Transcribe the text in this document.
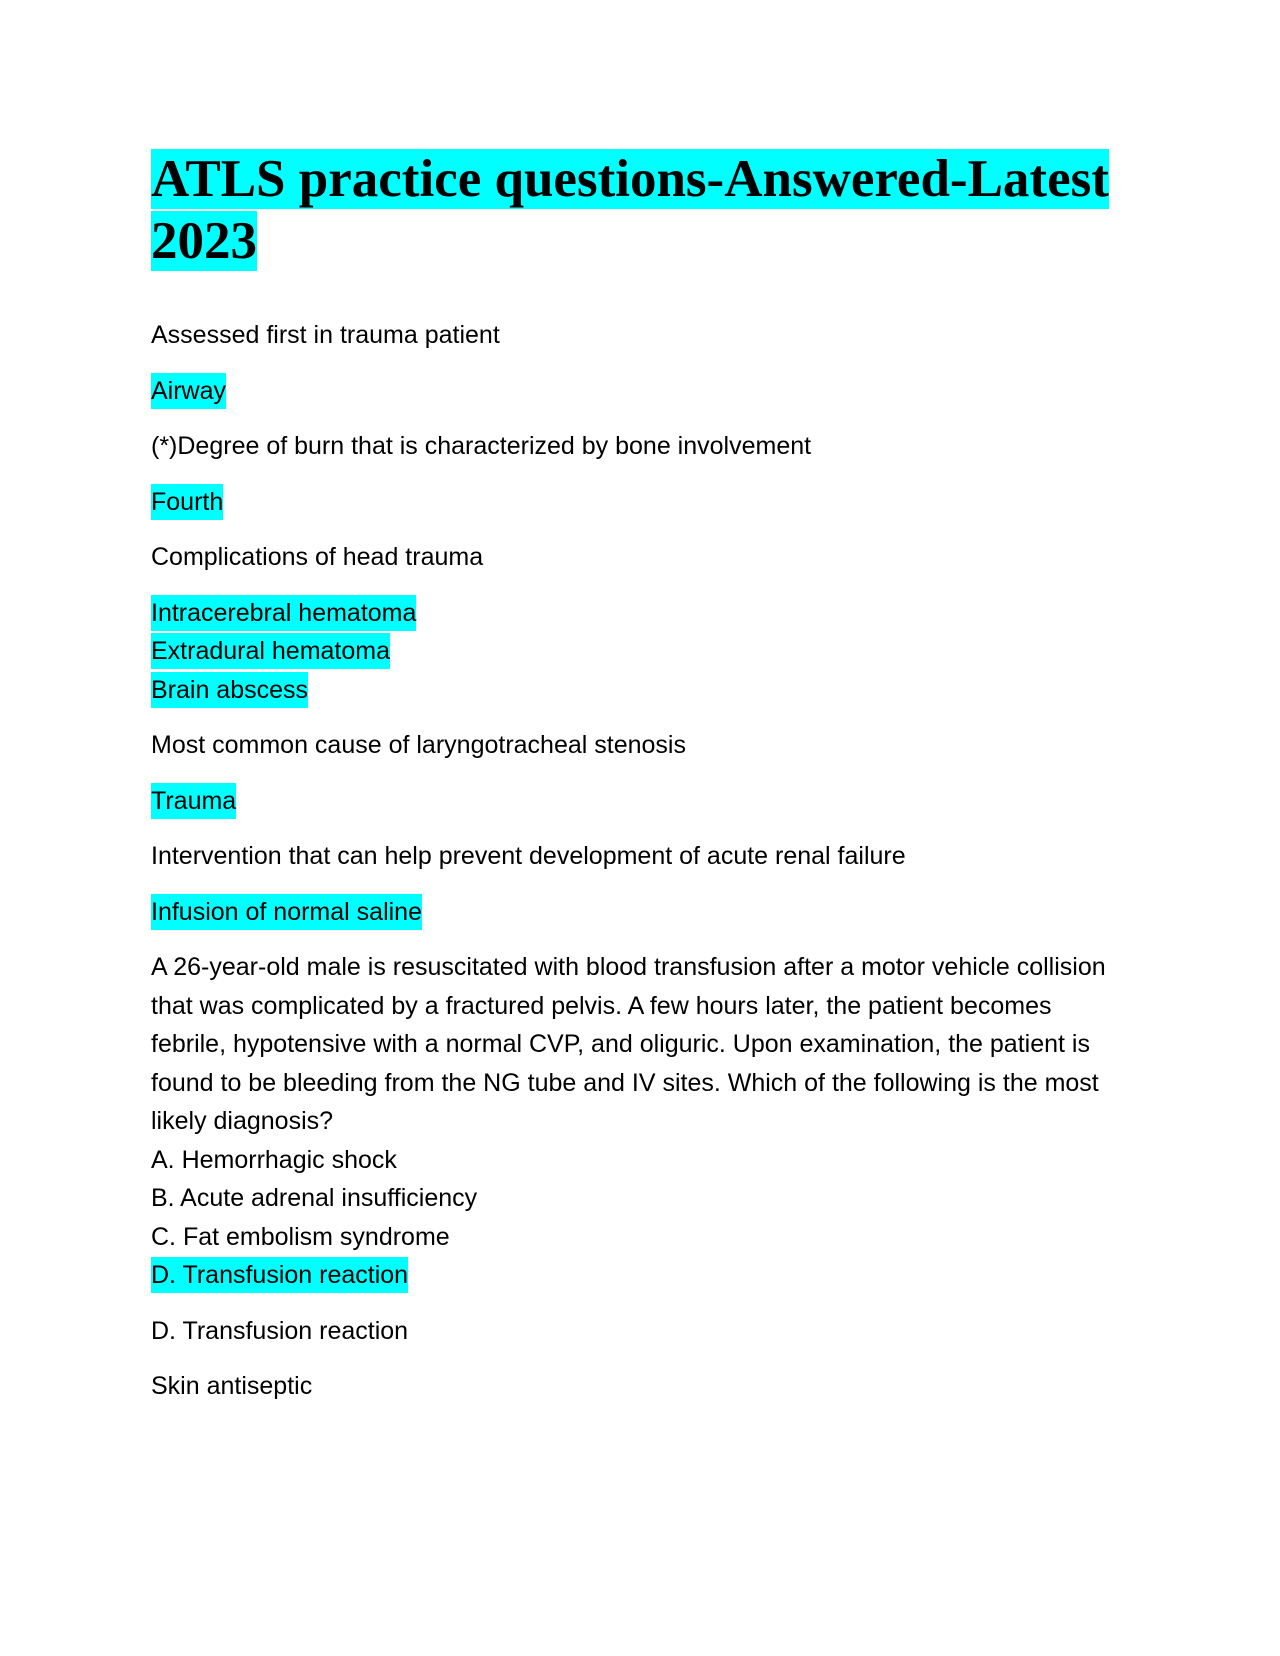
ATLS practice questions-Answered-Latest 2023

Assessed first in trauma patient

Airway

(*)Degree of burn that is characterized by bone involvement

Fourth

Complications of head trauma

Intracerebral hematoma
Extradural hematoma
Brain abscess

Most common cause of laryngotracheal stenosis

Trauma

Intervention that can help prevent development of acute renal failure

Infusion of normal saline
A 26-year-old male is resuscitated with blood transfusion after a motor vehicle collision that was complicated by a fractured pelvis. A few hours later, the patient becomes febrile, hypotensive with a normal CVP, and oliguric. Upon examination, the patient is found to be bleeding from the NG tube and IV sites. Which of the following is the most likely diagnosis?
A. Hemorrhagic shock
B. Acute adrenal insufficiency
C. Fat embolism syndrome
D. Transfusion reaction

D. Transfusion reaction

Skin antiseptic
